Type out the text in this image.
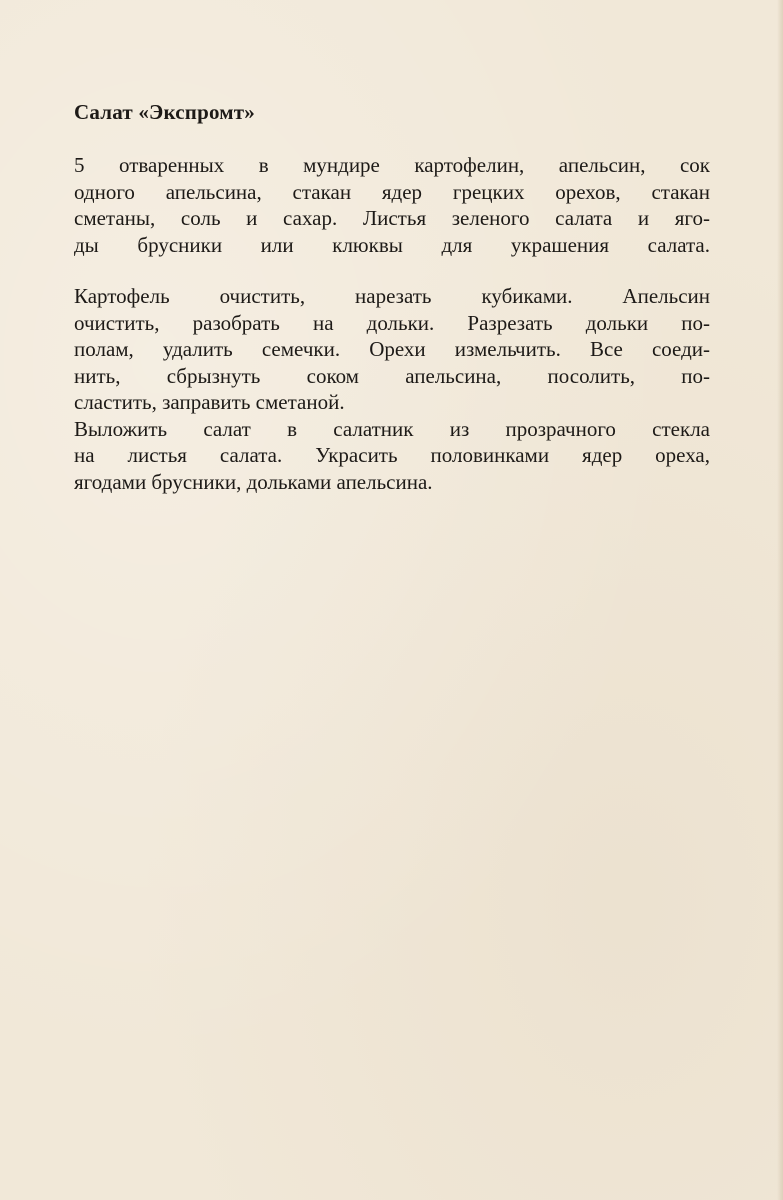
Салат «Экспромт»

5 отваренных в мундире картофелин, апельсин, сок
одного апельсина, стакан ядер грецких орехов, стакан
сметаны, соль и сахар. Листья зеленого салата и яго-
ды брусники или клюквы для украшения салата.

Картофель очистить, нарезать кубиками. Апельсин
очистить, разобрать на дольки. Разрезать дольки по-
полам, удалить семечки. Орехи измельчить. Все соеди-
нить, сбрызнуть соком апельсина, посолить, по-
сластить, заправить сметаной.

Выложить салат в салатник из прозрачного стекла
на листья салата. Украсить половинками ядер ореха,
ягодами брусники, дольками апельсина.
